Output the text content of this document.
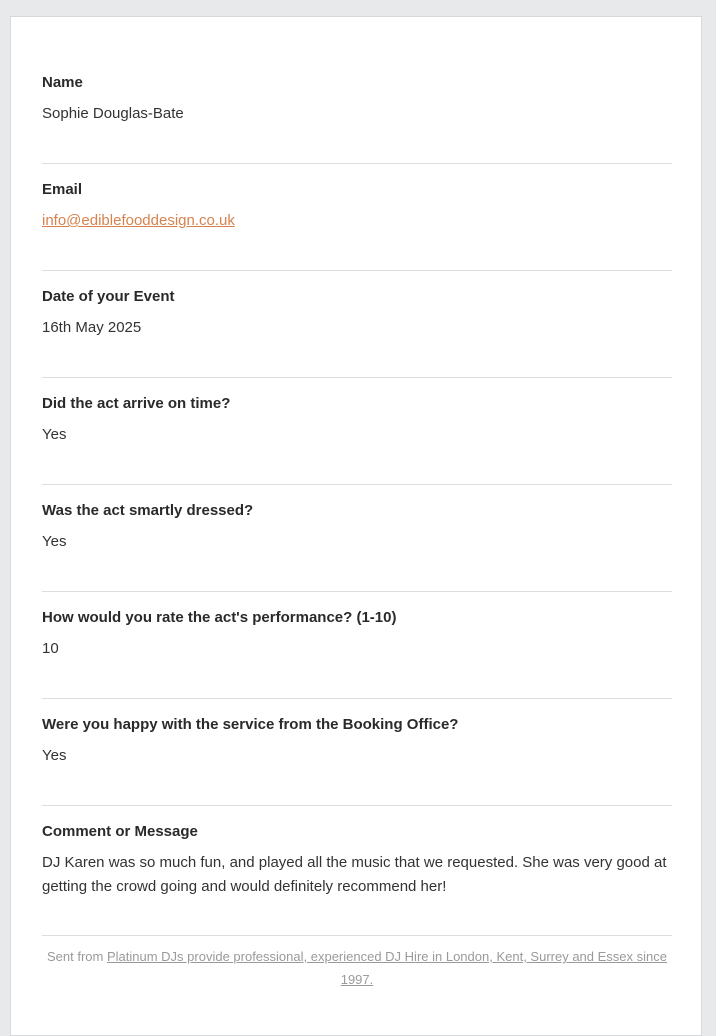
Name
Sophie Douglas-Bate
Email
info@ediblefooddesign.co.uk
Date of your Event
16th May 2025
Did the act arrive on time?
Yes
Was the act smartly dressed?
Yes
How would you rate the act's performance? (1-10)
10
Were you happy with the service from the Booking Office?
Yes
Comment or Message
DJ Karen was so much fun, and played all the music that we requested. She was very good at getting the crowd going and would definitely recommend her!
Sent from Platinum DJs provide professional, experienced DJ Hire in London, Kent, Surrey and Essex since 1997.
